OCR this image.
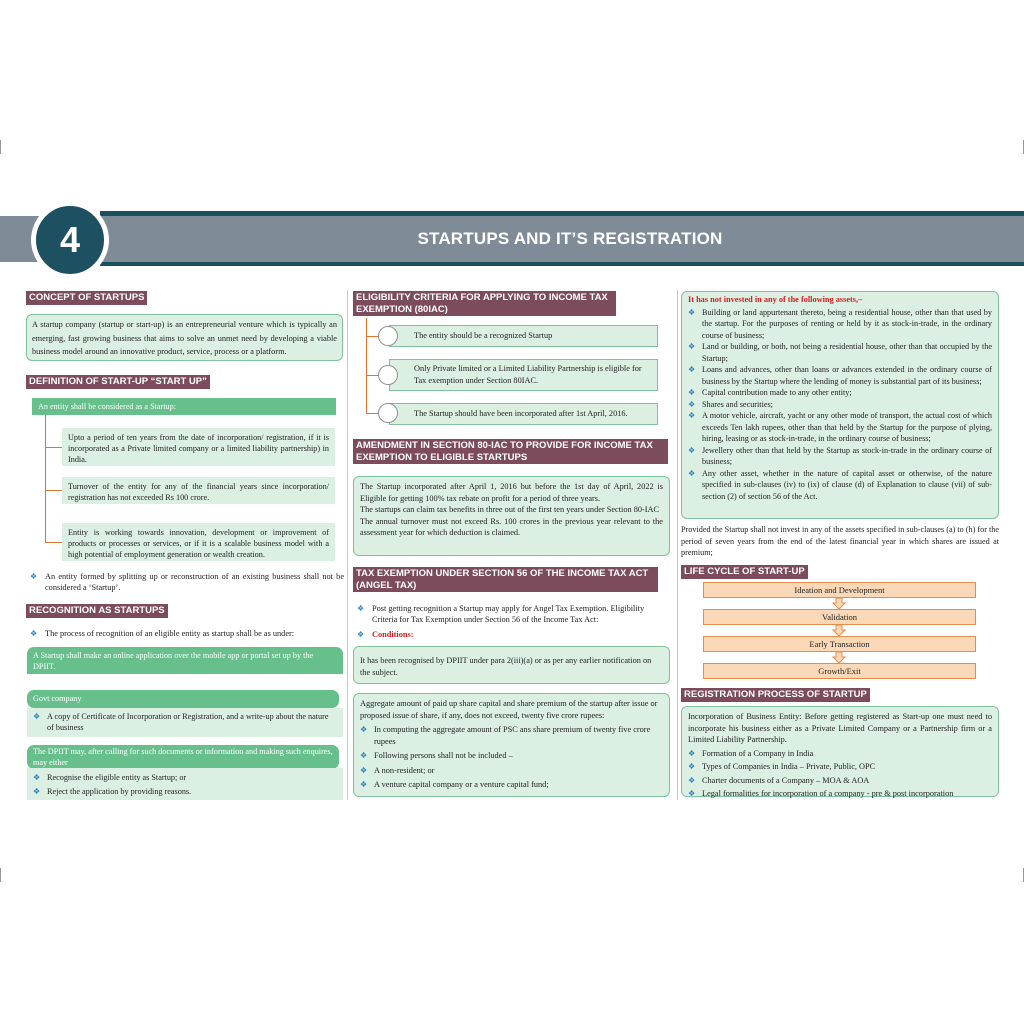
4	STARTUPS AND IT’S REGISTRATION
CONCEPT OF STARTUPS

A startup company (startup or start-up) is an entrepreneurial venture which is typically an emerging, fast growing business that aims to solve an unmet need by developing a viable business model around an innovative product, service, process or a platform.

DEFINITION OF START-UP “START UP”
An entity shall be considered as a Startup:
Upto a period of ten years from the date of incorporation/ registration, if it is incorporated as a Private limited company or a limited liability partnership) in India.
Turnover of the entity for any of the financial years since incorporation/ registration has not exceeded Rs 100 crore.
Entity is working towards innovation, development or improvement of products or processes or services, or if it is a scalable business model with a high potential of employment generation or wealth creation.
❖ An entity formed by splitting up or reconstruction of an existing business shall not be considered a ‘Startup’.
RECOGNITION AS STARTUPS
❖ The process of recognition of an eligible entity as startup shall be as under:
A Startup shall make an online application over the mobile app or portal set up by the DPIIT.
Govt company
❖ A copy of Certificate of Incorporation or Registration, and a write-up about the nature of business
The DPIIT may, after calling for such documents or information and making such enquires, may either
❖ Recognise the eligible entity as Startup; or
❖ Reject the application by providing reasons.
ELIGIBILITY CRITERIA FOR APPLYING TO INCOME TAX EXEMPTION (80IAC)
The entity should be a recognized Startup
Only Private limited or a Limited Liability Partnership is eligible for Tax exemption under Section 80IAC.
The Startup should have been incorporated after 1st April, 2016.
AMENDMENT IN SECTION 80-IAC TO PROVIDE FOR INCOME TAX EXEMPTION TO ELIGIBLE STARTUPS

The Startup incorporated after April 1, 2016 but before the 1st day of April, 2022 is Eligible for getting 100% tax rebate on profit for a period of three years.

The startups can claim tax benefits in three out of the first ten years under Section 80-IAC

The annual turnover must not exceed Rs. 100 crores in the previous year relevant to the assessment year for which deduction is claimed.

TAX EXEMPTION UNDER SECTION 56 OF THE INCOME TAX ACT (ANGEL TAX)
❖ Post getting recognition a Startup may apply for Angel Tax Exemption. Eligibility Criteria for Tax Exemption under Section 56 of the Income Tax Act:
❖ Conditions:

It has been recognised by DPIIT under para 2(iii)(a) or as per any earlier notification on the subject.

Aggregate amount of paid up share capital and share premium of the startup after issue or proposed issue of share, if any, does not exceed, twenty five crore rupees:

❖ In computing the aggregate amount of PSC ans share premium of twenty five crore rupees
❖ Following persons shall not be included –
❖ A non-resident; or
❖ A venture capital company or a venture capital fund;

It has not invested in any of the following assets,–

❖ Building or land appurtenant thereto, being a residential house, other than that used by the startup. For the purposes of renting or held by it as stock-in-trade, in the ordinary course of business;
❖ Land or building, or both, not being a residential house, other than that occupied by the Startup;
❖ Loans and advances, other than loans or advances extended in the ordinary course of business by the Startup where the lending of money is substantial part of its business;
❖ Capital contribution made to any other entity;
❖ Shares and securities;
❖ A motor vehicle, aircraft, yacht or any other mode of transport, the actual cost of which exceeds Ten lakh rupees, other than that held by the Startup for the purpose of plying, hiring, leasing or as stock-in-trade, in the ordinary course of business;
❖ Jewellery other than that held by the Startup as stock-in-trade in the ordinary course of business;
❖ Any other asset, whether in the nature of capital asset or otherwise, of the nature specified in sub-clauses (iv) to (ix) of clause (d) of Explanation to clause (vii) of sub-section (2) of section 56 of the Act.

Provided the Startup shall not invest in any of the assets specified in sub-clauses (a) to (h) for the period of seven years from the end of the latest financial year in which shares are issued at premium;

LIFE CYCLE OF START-UP
Ideation and Development
Validation
Early Transaction
Growth/Exit
REGISTRATION PROCESS OF STARTUP

Incorporation of Business Entity: Before getting registered as Start-up one must need to incorporate his business either as a Private Limited Company or a Partnership firm or a Limited Liability Partnership.

❖ Formation of a Company in India
❖ Types of Companies in India – Private, Public, OPC
❖ Charter documents of a Company – MOA & AOA
❖ Legal formalities for incorporation of a company - pre & post incorporation
